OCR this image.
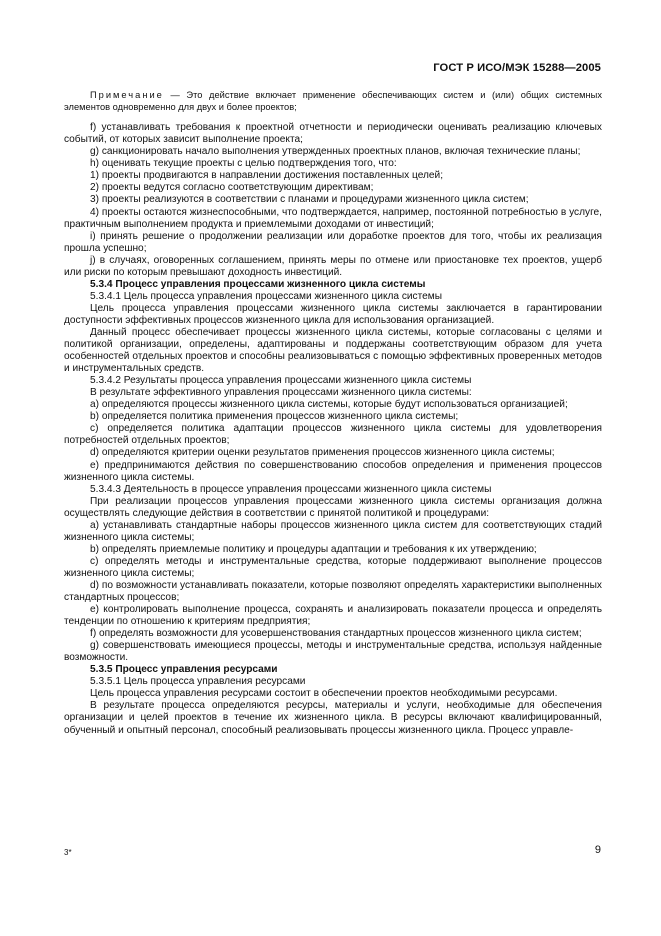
ГОСТ Р ИСО/МЭК 15288—2005

Примечание — Это действие включает применение обеспечивающих систем и (или) общих системных элементов одновременно для двух и более проектов;

f) устанавливать требования к проектной отчетности и периодически оценивать реализацию ключевых событий, от которых зависит выполнение проекта;

g) санкционировать начало выполнения утвержденных проектных планов, включая технические планы;

h) оценивать текущие проекты с целью подтверждения того, что:

1) проекты продвигаются в направлении достижения поставленных целей;

2) проекты ведутся согласно соответствующим директивам;

3) проекты реализуются в соответствии с планами и процедурами жизненного цикла систем;

4) проекты остаются жизнеспособными, что подтверждается, например, постоянной потребностью в услуге, практичным выполнением продукта и приемлемыми доходами от инвестиций;

i) принять решение о продолжении реализации или доработке проектов для того, чтобы их реализация прошла успешно;

j) в случаях, оговоренных соглашением, принять меры по отмене или приостановке тех проектов, ущерб или риски по которым превышают доходность инвестиций.

5.3.4 Процесс управления процессами жизненного цикла системы

5.3.4.1 Цель процесса управления процессами жизненного цикла системы

Цель процесса управления процессами жизненного цикла системы заключается в гарантировании доступности эффективных процессов жизненного цикла для использования организацией.

Данный процесс обеспечивает процессы жизненного цикла системы, которые согласованы с целями и политикой организации, определены, адаптированы и поддержаны соответствующим образом для учета особенностей отдельных проектов и способны реализовываться с помощью эффективных проверенных методов и инструментальных средств.

5.3.4.2 Результаты процесса управления процессами жизненного цикла системы

В результате эффективного управления процессами жизненного цикла системы:

a) определяются процессы жизненного цикла системы, которые будут использоваться организацией;

b) определяется политика применения процессов жизненного цикла системы;

c) определяется политика адаптации процессов жизненного цикла системы для удовлетворения потребностей отдельных проектов;

d) определяются критерии оценки результатов применения процессов жизненного цикла системы;

e) предпринимаются действия по совершенствованию способов определения и применения процессов жизненного цикла системы.

5.3.4.3 Деятельность в процессе управления процессами жизненного цикла системы

При реализации процессов управления процессами жизненного цикла системы организация должна осуществлять следующие действия в соответствии с принятой политикой и процедурами:

a) устанавливать стандартные наборы процессов жизненного цикла систем для соответствующих стадий жизненного цикла системы;

b) определять приемлемые политику и процедуры адаптации и требования к их утверждению;

c) определять методы и инструментальные средства, которые поддерживают выполнение процессов жизненного цикла системы;

d) по возможности устанавливать показатели, которые позволяют определять характеристики выполненных стандартных процессов;

e) контролировать выполнение процесса, сохранять и анализировать показатели процесса и определять тенденции по отношению к критериям предприятия;

f) определять возможности для усовершенствования стандартных процессов жизненного цикла систем;

g) совершенствовать имеющиеся процессы, методы и инструментальные средства, используя найденные возможности.

5.3.5 Процесс управления ресурсами

5.3.5.1 Цель процесса управления ресурсами

Цель процесса управления ресурсами состоит в обеспечении проектов необходимыми ресурсами.

В результате процесса определяются ресурсы, материалы и услуги, необходимые для обеспечения организации и целей проектов в течение их жизненного цикла. В ресурсы включают квалифицированный, обученный и опытный персонал, способный реализовывать процессы жизненного цикла. Процесс управле-

3*	9
